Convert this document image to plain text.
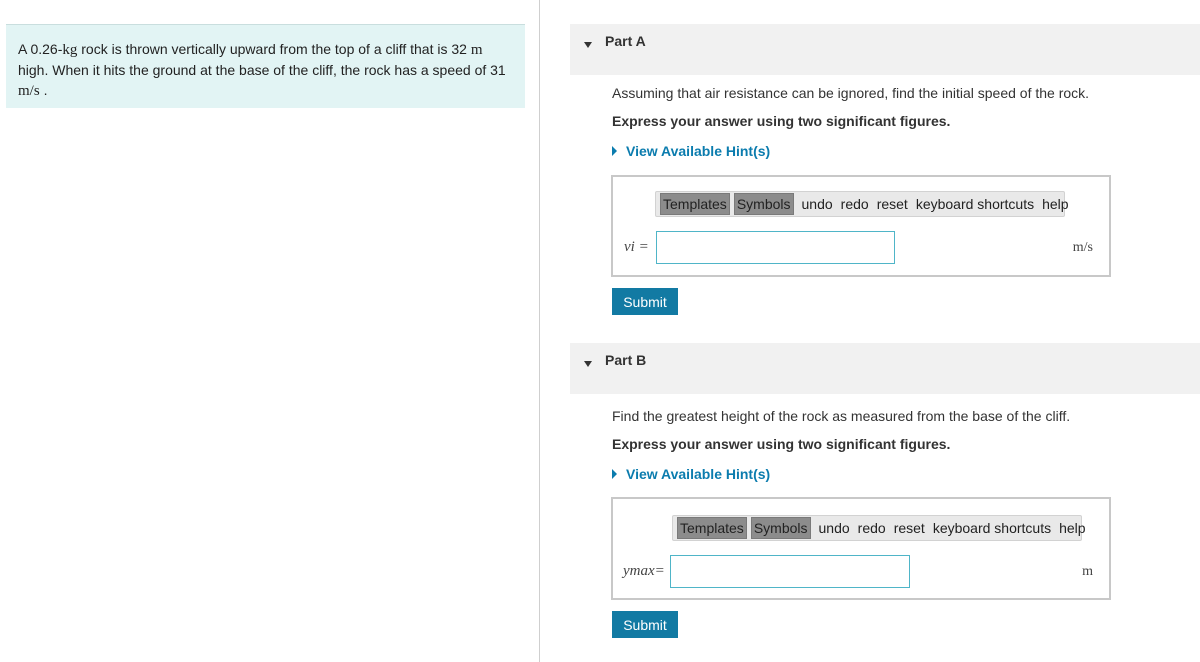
A 0.26-kg rock is thrown vertically upward from the top of a cliff that is 32 m
high. When it hits the ground at the base of the cliff, the rock has a speed of 31
m/s .
Part A
Assuming that air resistance can be ignored, find the initial speed of the rock.
Express your answer using two significant figures.
View Available Hint(s)
Templates Symbols undo redo reset keyboard shortcuts help
vi =	m/s
Submit
Part B
Find the greatest height of the rock as measured from the base of the cliff.
Express your answer using two significant figures.
View Available Hint(s)
Templates Symbols undo redo reset keyboard shortcuts help
ymax=	m
Submit
